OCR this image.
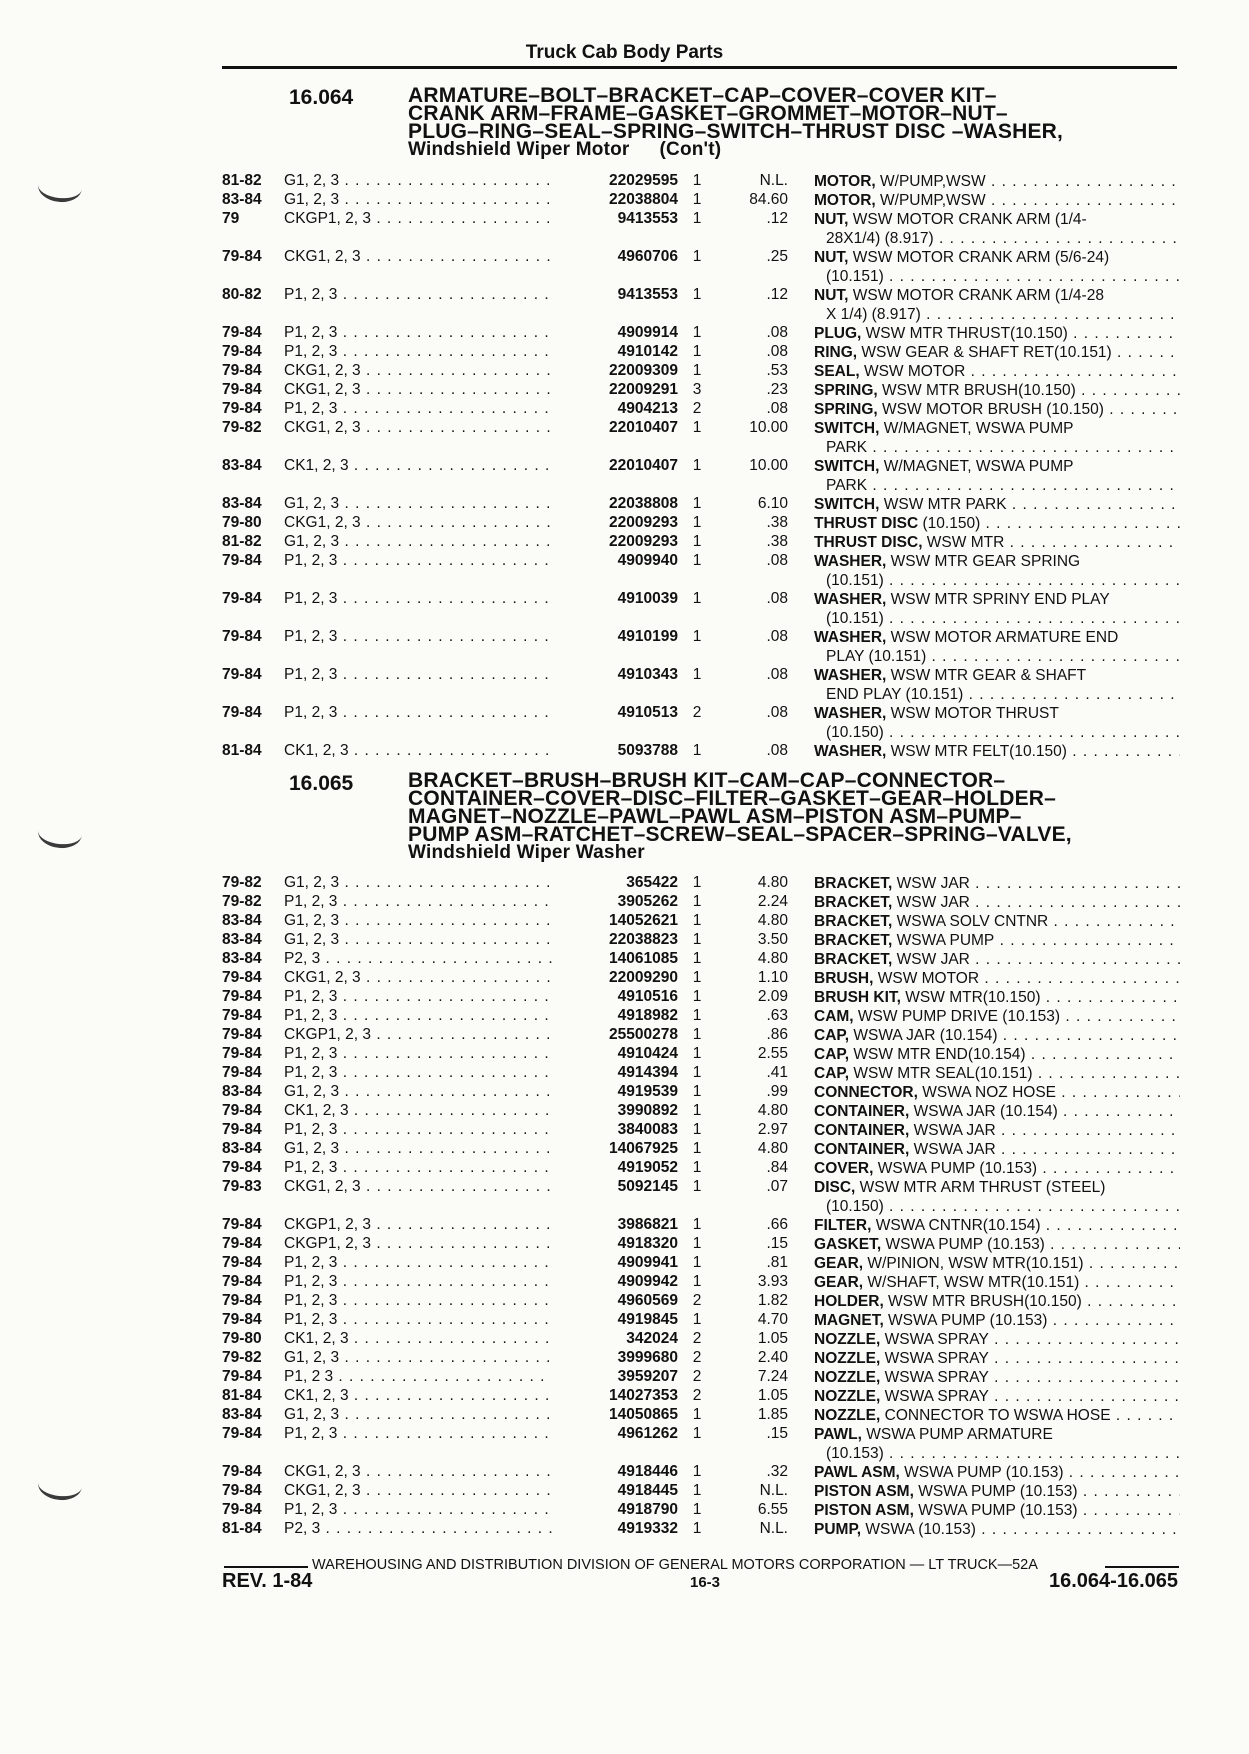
Truck Cab Body Parts
16.064	ARMATURE–BOLT–BRACKET–CAP–COVER–COVER KIT–
CRANK ARM–FRAME–GASKET–GROMMET–MOTOR–NUT–
PLUG–RING–SEAL–SPRING–SWITCH–THRUST DISC –WASHER,
Windshield Wiper Motor (Con't)
81-82 G1, 2, 3 . . .	22029595 1	N.L. MOTOR, W/PUMP,WSW . . .
83-84 G1, 2, 3 . . .	22038804 1	84.60 MOTOR, W/PUMP,WSW . . .
79	CKGP1, 2, 3 . . .	9413553 1	.12 NUT, WSW MOTOR CRANK ARM (1/4-
28X1/4) (8.917) . . .
79-84 CKG1, 2, 3 . . .	4960706 1	.25 NUT, WSW MOTOR CRANK ARM (5/6-24)
(10.151) . . .
80-82 P1, 2, 3 . . .	9413553 1	.12 NUT, WSW MOTOR CRANK ARM (1/4-28
X 1/4) (8.917) . . .
79-84 P1, 2, 3 . . .	4909914 1	.08 PLUG, WSW MTR THRUST(10.150) . . .
79-84 P1, 2, 3 . . .	4910142 1	.08 RING, WSW GEAR & SHAFT RET(10.151) . . .
79-84 CKG1, 2, 3 . . .	22009309 1	.53 SEAL, WSW MOTOR . . .
79-84 CKG1, 2, 3 . . .	22009291 3	.23 SPRING, WSW MTR BRUSH(10.150) . . .
79-84 P1, 2, 3 . . .	4904213 2	.08 SPRING, WSW MOTOR BRUSH (10.150) . . .
79-82 CKG1, 2, 3 . . .	22010407 1	10.00 SWITCH, W/MAGNET, WSWA PUMP
PARK . . .
83-84 CK1, 2, 3 . . .	22010407 1	10.00 SWITCH, W/MAGNET, WSWA PUMP
PARK . . .
83-84 G1, 2, 3 . . .	22038808 1	6.10 SWITCH, WSW MTR PARK . . .
79-80 CKG1, 2, 3 . . .	22009293 1	.38 THRUST DISC (10.150) . . .
81-82 G1, 2, 3 . . .	22009293 1	.38 THRUST DISC, WSW MTR . . .
79-84 P1, 2, 3 . . .	4909940 1	.08 WASHER, WSW MTR GEAR SPRING
(10.151) . . .
79-84 P1, 2, 3 . . .	4910039 1	.08 WASHER, WSW MTR SPRINY END PLAY
(10.151) . . .
79-84 P1, 2, 3 . . .	4910199 1	.08 WASHER, WSW MOTOR ARMATURE END
PLAY (10.151) . . .
79-84 P1, 2, 3 . . .	4910343 1	.08 WASHER, WSW MTR GEAR & SHAFT
END PLAY (10.151) . . .
79-84 P1, 2, 3 . . .	4910513 2	.08 WASHER, WSW MOTOR THRUST
(10.150) . . .
81-84 CK1, 2, 3 . . .	5093788 1	.08 WASHER, WSW MTR FELT(10.150) . . .
16.065	BRACKET–BRUSH–BRUSH KIT–CAM–CAP–CONNECTOR–
CONTAINER–COVER–DISC–FILTER–GASKET–GEAR–HOLDER–
MAGNET–NOZZLE–PAWL–PAWL ASM–PISTON ASM–PUMP–
PUMP ASM–RATCHET–SCREW–SEAL–SPACER–SPRING–VALVE,
Windshield Wiper Washer
79-82 G1, 2, 3 . . .	365422 1	4.80 BRACKET, WSW JAR . . .
79-82 P1, 2, 3 . . .	3905262 1	2.24 BRACKET, WSW JAR . . .
83-84 G1, 2, 3 . . .	14052621 1	4.80 BRACKET, WSWA SOLV CNTNR . . .
83-84 G1, 2, 3 . . .	22038823 1	3.50 BRACKET, WSWA PUMP . . .
83-84 P2, 3 . . .	14061085 1	4.80 BRACKET, WSW JAR . . .
79-84 CKG1, 2, 3 . . .	22009290 1	1.10 BRUSH, WSW MOTOR . . .
79-84 P1, 2, 3 . . .	4910516 1	2.09 BRUSH KIT, WSW MTR(10.150) . . .
79-84 P1, 2, 3 . . .	4918982 1	.63 CAM, WSW PUMP DRIVE (10.153) . . .
79-84 CKGP1, 2, 3 . . .	25500278 1	.86 CAP, WSWA JAR (10.154) . . .
79-84 P1, 2, 3 . . .	4910424 1	2.55 CAP, WSW MTR END(10.154) . . .
79-84 P1, 2, 3 . . .	4914394 1	.41 CAP, WSW MTR SEAL(10.151) . . .
83-84 G1, 2, 3 . . .	4919539 1	.99 CONNECTOR, WSWA NOZ HOSE . . .
79-84 CK1, 2, 3 . . .	3990892 1	4.80 CONTAINER, WSWA JAR (10.154) . . .
79-84 P1, 2, 3 . . .	3840083 1	2.97 CONTAINER, WSWA JAR . . .
83-84 G1, 2, 3 . . .	14067925 1	4.80 CONTAINER, WSWA JAR . . .
79-84 P1, 2, 3 . . .	4919052 1	.84 COVER, WSWA PUMP (10.153) . . .
79-83 CKG1, 2, 3 . . .	5092145 1	.07 DISC, WSW MTR ARM THRUST (STEEL)
(10.150) . . .
79-84 CKGP1, 2, 3 . . .	3986821 1	.66 FILTER, WSWA CNTNR(10.154) . . .
79-84 CKGP1, 2, 3 . . .	4918320 1	.15 GASKET, WSWA PUMP (10.153) . . .
79-84 P1, 2, 3 . . .	4909941 1	.81 GEAR, W/PINION, WSW MTR(10.151) . . .
79-84 P1, 2, 3 . . .	4909942 1	3.93 GEAR, W/SHAFT, WSW MTR(10.151) . . .
79-84 P1, 2, 3 . . .	4960569 2	1.82 HOLDER, WSW MTR BRUSH(10.150) . . .
79-84 P1, 2, 3 . . .	4919845 1	4.70 MAGNET, WSWA PUMP (10.153) . . .
79-80 CK1, 2, 3 . . .	342024 2	1.05 NOZZLE, WSWA SPRAY . . .
79-82 G1, 2, 3 . . .	3999680 2	2.40 NOZZLE, WSWA SPRAY . . .
79-84 P1, 2 3 . . .	3959207 2	7.24 NOZZLE, WSWA SPRAY . . .
81-84 CK1, 2, 3 . . .	14027353 2	1.05 NOZZLE, WSWA SPRAY . . .
83-84 G1, 2, 3 . . .	14050865 1	1.85 NOZZLE, CONNECTOR TO WSWA HOSE . . .
79-84 P1, 2, 3 . . .	4961262 1	.15 PAWL, WSWA PUMP ARMATURE
(10.153) . . .
79-84 CKG1, 2, 3 . . .	4918446 1	.32 PAWL ASM, WSWA PUMP (10.153) . . .
79-84 CKG1, 2, 3 . . .	4918445 1	N.L. PISTON ASM, WSWA PUMP (10.153) . . .
79-84 P1, 2, 3 . . .	4918790 1	6.55 PISTON ASM, WSWA PUMP (10.153) . . .
81-84 P2, 3 . . .	4919332 1	N.L. PUMP, WSWA (10.153) . . .
WAREHOUSING AND DISTRIBUTION DIVISION OF GENERAL MOTORS CORPORATION — LT TRUCK—52A
REV. 1-84	16-3	16.064-16.065
